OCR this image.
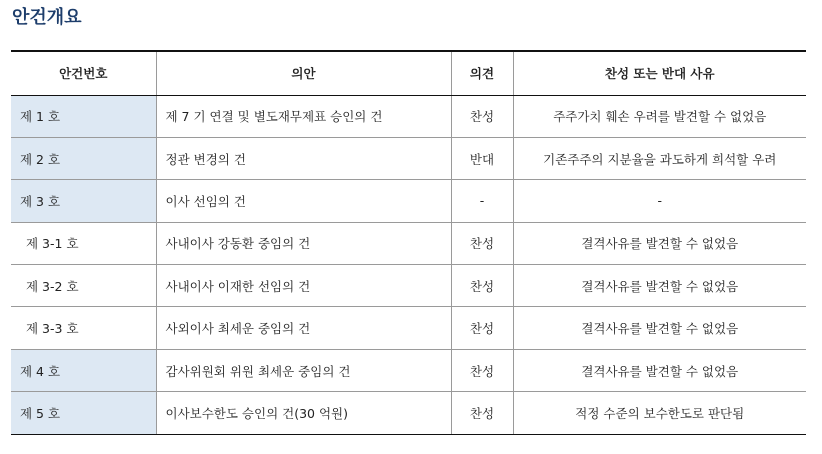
안건개요
안건번호	의안	의견	찬성 또는 반대 사유
제 1 호	제 7 기 연결 및 별도재무제표 승인의 건	찬성	주주가치 훼손 우려를 발견할 수 없었음
제 2 호	정관 변경의 건	반대	기존주주의 지분율을 과도하게 희석할 우려
제 3 호	이사 선임의 건	-	-
제 3-1 호	사내이사 강동환 중임의 건	찬성	결격사유를 발견할 수 없었음
제 3-2 호	사내이사 이재한 선임의 건	찬성	결격사유를 발견할 수 없었음
제 3-3 호	사외이사 최세운 중임의 건	찬성	결격사유를 발견할 수 없었음
제 4 호	감사위원회 위원 최세운 중임의 건	찬성	결격사유를 발견할 수 없었음
제 5 호	이사보수한도 승인의 건(30 억원)	찬성	적정 수준의 보수한도로 판단됨
